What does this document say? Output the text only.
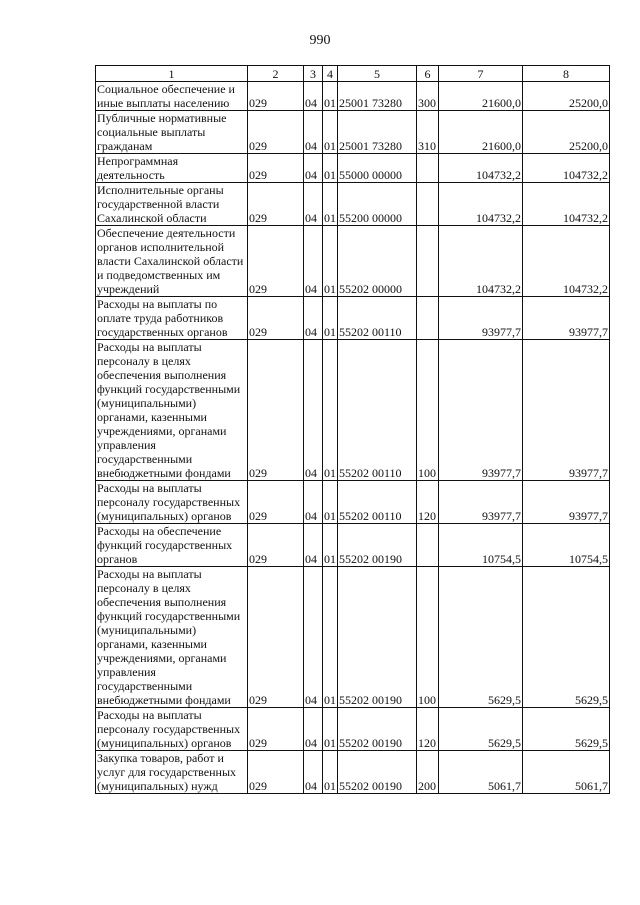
990
1	2	3	4	5	6	7	8
Социальное обеспечение и иные выплаты населению	029	04	01	25001 73280	300	21600,0	25200,0
Публичные нормативные социальные выплаты гражданам	029	04	01	25001 73280	310	21600,0	25200,0
Непрограммная деятельность	029	04	01	55000 00000		104732,2	104732,2
Исполнительные органы государственной власти Сахалинской области	029	04	01	55200 00000		104732,2	104732,2
Обеспечение деятельности органов исполнительной власти Сахалинской области и подведомственных им учреждений	029	04	01	55202 00000		104732,2	104732,2
Расходы на выплаты по оплате труда работников государственных органов	029	04	01	55202 00110		93977,7	93977,7
Расходы на выплаты персоналу в целях обеспечения выполнения функций государственными (муниципальными) органами, казенными учреждениями, органами управления государственными внебюджетными фондами	029	04	01	55202 00110	100	93977,7	93977,7
Расходы на выплаты персоналу государственных (муниципальных) органов	029	04	01	55202 00110	120	93977,7	93977,7
Расходы на обеспечение функций государственных органов	029	04	01	55202 00190		10754,5	10754,5
Расходы на выплаты персоналу в целях обеспечения выполнения функций государственными (муниципальными) органами, казенными учреждениями, органами управления государственными внебюджетными фондами	029	04	01	55202 00190	100	5629,5	5629,5
Расходы на выплаты персоналу государственных (муниципальных) органов	029	04	01	55202 00190	120	5629,5	5629,5
Закупка товаров, работ и услуг для государственных (муниципальных) нужд	029	04	01	55202 00190	200	5061,7	5061,7
